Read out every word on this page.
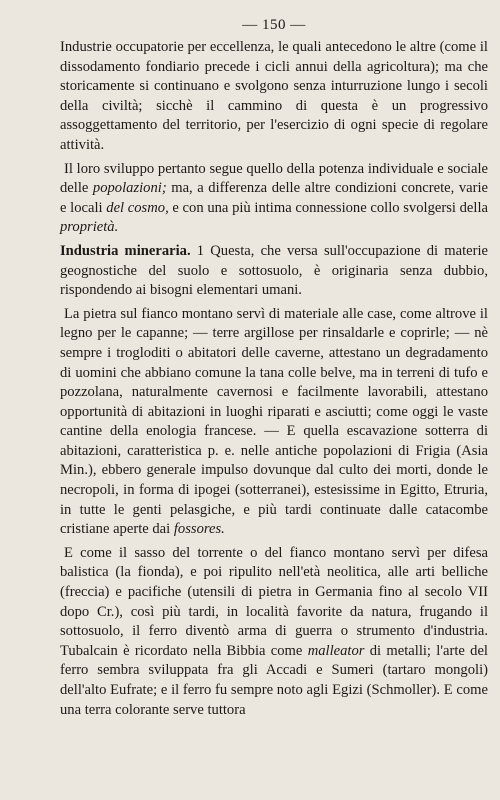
— 150 —

Industrie occupatorie per eccellenza, le quali antecedono le altre (come il dissodamento fondiario precede i cicli annui della agricoltura); ma che storicamente si continuano e svolgono senza inturruzione lungo i secoli della civiltà; sicchè il cammino di questa è un progressivo assoggettamento del territorio, per l'esercizio di ogni specie di regolare attività.

Il loro sviluppo pertanto segue quello della potenza individuale e sociale delle popolazioni; ma, a differenza delle altre condizioni concrete, varie e locali del cosmo, e con una più intima connessione collo svolgersi della proprietà.

Industria mineraria. 1 Questa, che versa sull'occupazione di materie geognostiche del suolo e sottosuolo, è originaria senza dubbio, rispondendo ai bisogni elementari umani.

La pietra sul fianco montano servì di materiale alle case, come altrove il legno per le capanne; — terre argillose per rinsaldarle e coprirle; — nè sempre i trogloditi o abitatori delle caverne, attestano un degradamento di uomini che abbiano comune la tana colle belve, ma in terreni di tufo e pozzolana, naturalmente cavernosi e facilmente lavorabili, attestano opportunità di abitazioni in luoghi riparati e asciutti; come oggi le vaste cantine della enologia francese. — E quella escavazione sotterra di abitazioni, caratteristica p. e. nelle antiche popolazioni di Frigia (Asia Min.), ebbero generale impulso dovunque dal culto dei morti, donde le necropoli, in forma di ipogei (sotterranei), estesissime in Egitto, Etruria, in tutte le genti pelasgiche, e più tardi continuate dalle catacombe cristiane aperte dai fossores.

E come il sasso del torrente o del fianco montano servì per difesa balistica (la fionda), e poi ripulito nell'età neolitica, alle arti belliche (freccia) e pacifiche (utensili di pietra in Germania fino al secolo VII dopo Cr.), così più tardi, in località favorite da natura, frugando il sottosuolo, il ferro diventò arma di guerra o strumento d'industria. Tubalcain è ricordato nella Bibbia come malleator di metalli; l'arte del ferro sembra sviluppata fra gli Accadi e Sumeri (tartaro mongoli) dell'alto Eufrate; e il ferro fu sempre noto agli Egizi (Schmoller). E come una terra colorante serve tuttora
